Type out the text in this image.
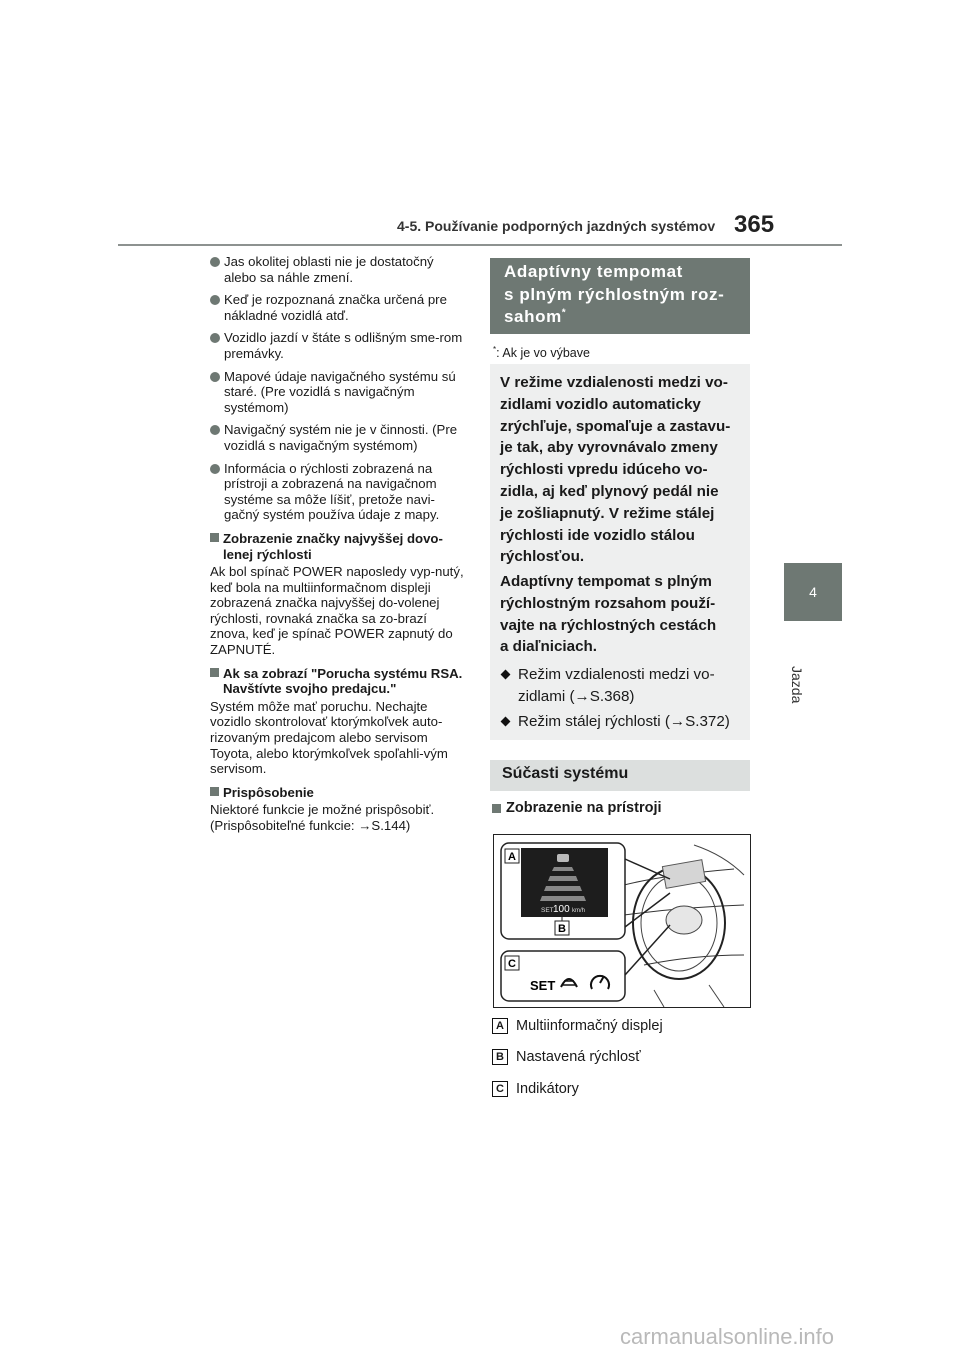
4-5. Používanie podporných jazdných systémov 365
4
Jazda
Jas okolitej oblasti nie je dostatočný alebo sa náhle zmení.
Keď je rozpoznaná značka určená pre nákladné vozidlá atď.
Vozidlo jazdí v štáte s odlišným sme-rom premávky.
Mapové údaje navigačného systému sú staré. (Pre vozidlá s navigačným systémom)
Navigačný systém nie je v činnosti. (Pre vozidlá s navigačným systémom)
Informácia o rýchlosti zobrazená na prístroji a zobrazená na navigačnom systéme sa môže líšiť, pretože navi-gačný systém používa údaje z mapy.
Zobrazenie značky najvyššej dovo-lenej rýchlosti
Ak bol spínač POWER naposledy vyp-nutý, keď bola na multiinformačnom displeji zobrazená značka najvyššej do-volenej rýchlosti, rovnaká značka sa zo-brazí znova, keď je spínač POWER zapnutý do ZAPNUTÉ.
Ak sa zobrazí "Porucha systému RSA. Navštívte svojho predajcu."
Systém môže mať poruchu. Nechajte vozidlo skontrolovať ktorýmkoľvek auto-rizovaným predajcom alebo servisom Toyota, alebo ktorýmkoľvek spoľahli-vým servisom.
Prispôsobenie
Niektoré funkcie je možné prispôsobiť. (Prispôsobiteľné funkcie: →S.144)
Adaptívny tempomat
s plným rýchlostným roz-
sahom*
*: Ak je vo výbave
V režime vzdialenosti medzi vo-
zidlami vozidlo automaticky
zrýchľuje, spomaľuje a zastavu-
je tak, aby vyrovnávalo zmeny
rýchlosti vpredu idúceho vo-
zidla, aj keď plynový pedál nie
je zošliapnutý. V režime stálej
rýchlosti ide vozidlo stálou
rýchlosťou.
Adaptívny tempomat s plným
rýchlostným rozsahom použí-
vajte na rýchlostných cestách
a diaľniciach.
Režim vzdialenosti medzi vo-
zidlami (→S.368)
Režim stálej rýchlosti (→S.372)
Súčasti systému
Zobrazenie na prístroji
SET 100 km/h
A
B
C
SET
A Multiinformačný displej
B Nastavená rýchlosť
C Indikátory
carmanualsonline.info
